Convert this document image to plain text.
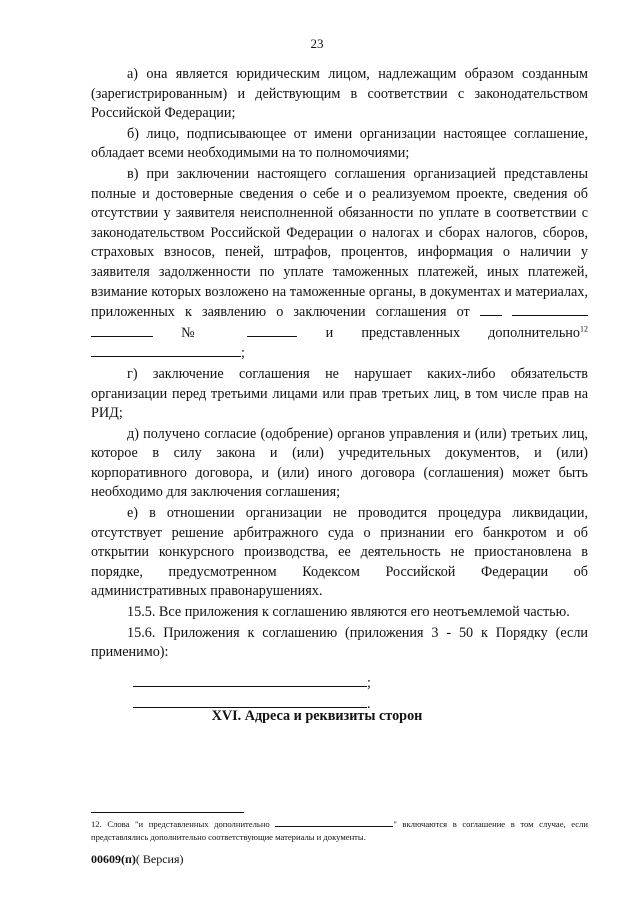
23

а) она является юридическим лицом, надлежащим образом созданным (зарегистрированным) и действующим в соответствии с законодательством Российской Федерации;

б) лицо, подписывающее от имени организации настоящее соглашение, обладает всеми необходимыми на то полномочиями;

в) при заключении настоящего соглашения организацией представлены полные и достоверные сведения о себе и о реализуемом проекте, сведения об отсутствии у заявителя неисполненной обязанности по уплате в соответствии с законодательством Российской Федерации о налогах и сборах налогов, сборов, страховых взносов, пеней, штрафов, процентов, информация о наличии у заявителя задолженности по уплате таможенных платежей, иных платежей, взимание которых возложено на таможенные органы, в документах и материалах, приложенных к заявлению о заключении соглашения от    №	и представленных дополнительно$^{12}$ ;

г) заключение соглашения не нарушает каких-либо обязательств организации перед третьими лицами или прав третьих лиц, в том числе прав на РИД;

д) получено согласие (одобрение) органов управления и (или) третьих лиц, которое в силу закона и (или) учредительных документов, и (или) корпоративного договора, и (или) иного договора (соглашения) может быть необходимо для заключения соглашения;

е) в отношении организации не проводится процедура ликвидации, отсутствует решение арбитражного суда о признании его банкротом и об открытии конкурсного производства, ее деятельность не приостановлена в порядке, предусмотренном Кодексом Российской Федерации об административных правонарушениях.

15.5. Все приложения к соглашению являются его неотъемлемой частью.

15.6. Приложения к соглашению (приложения 3 - 50 к Порядку (если применимо):

;
.
XVI. Адреса и реквизиты сторон
12. Слова "и представленных дополнительно	" включаются в соглашение в том случае, если представлялись дополнительно соответствующие материалы и документы.
00609(п)( Версия)
